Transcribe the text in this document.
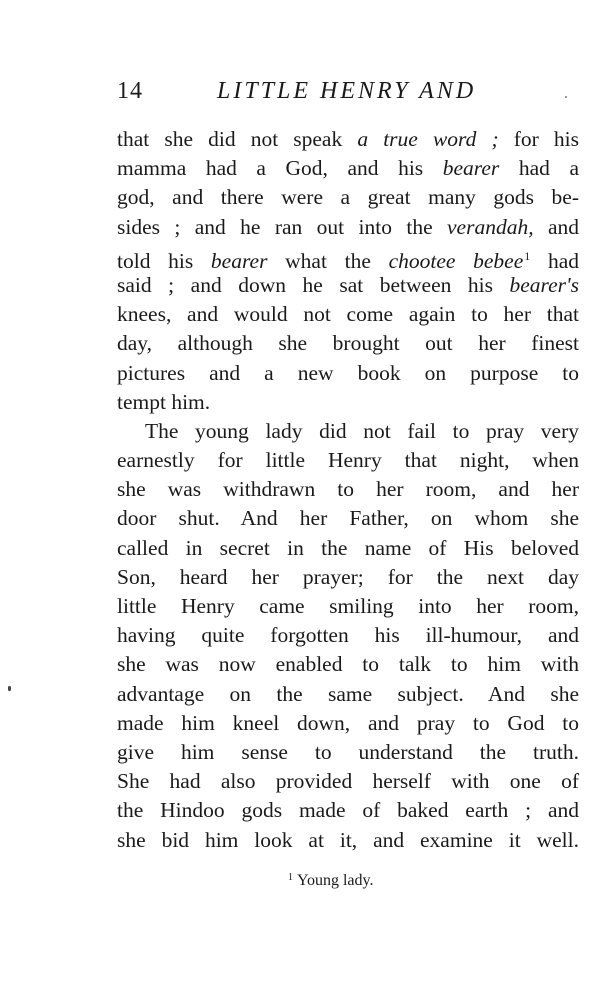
14	LITTLE HENRY AND
that she did not speak a true word ; for his
mamma had a God, and his bearer had a
god, and there were a great many gods be-
sides ; and he ran out into the verandah, and
told his bearer what the chootee bebee$^1$ had
said ; and down he sat between his bearer's
knees, and would not come again to her that
day, although she brought out her finest
pictures and a new book on purpose to
tempt him.
The young lady did not fail to pray very
earnestly for little Henry that night, when
she was withdrawn to her room, and her
door shut. And her Father, on whom she
called in secret in the name of His beloved
Son, heard her prayer; for the next day
little Henry came smiling into her room,
having quite forgotten his ill-humour, and
she was now enabled to talk to him with
advantage on the same subject. And she
made him kneel down, and pray to God to
give him sense to understand the truth.
She had also provided herself with one of
the Hindoo gods made of baked earth ; and
she bid him look at it, and examine it well.
$^1$ Young lady.
